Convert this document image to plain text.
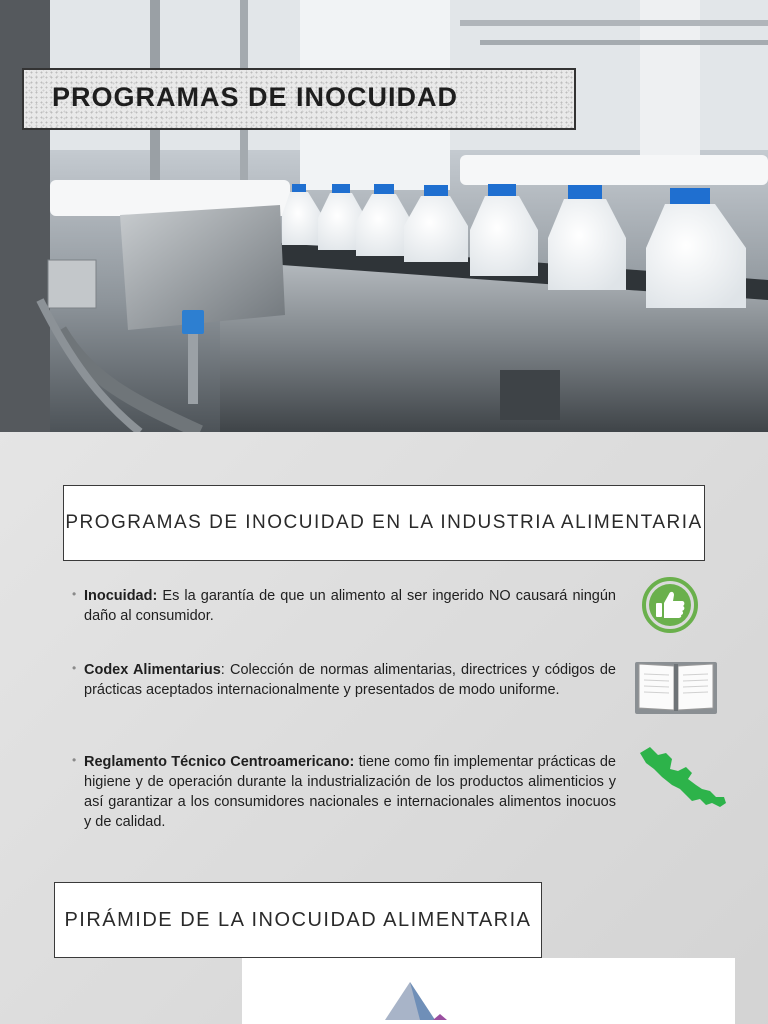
PROGRAMAS DE INOCUIDAD
PROGRAMAS DE INOCUIDAD EN LA INDUSTRIA ALIMENTARIA
• Inocuidad: Es la garantía de que un alimento al ser ingerido NO causará ningún daño al consumidor.
• Codex Alimentarius: Colección de normas alimentarias, directrices y códigos de prácticas aceptados internacionalmente y presentados de modo uniforme.
• Reglamento Técnico Centroamericano: tiene como fin implementar prácticas de higiene y de operación durante la industrialización de los productos alimenticios y así garantizar a los consumidores nacionales e internacionales alimentos inocuos y de calidad.
PIRÁMIDE DE LA INOCUIDAD ALIMENTARIA
